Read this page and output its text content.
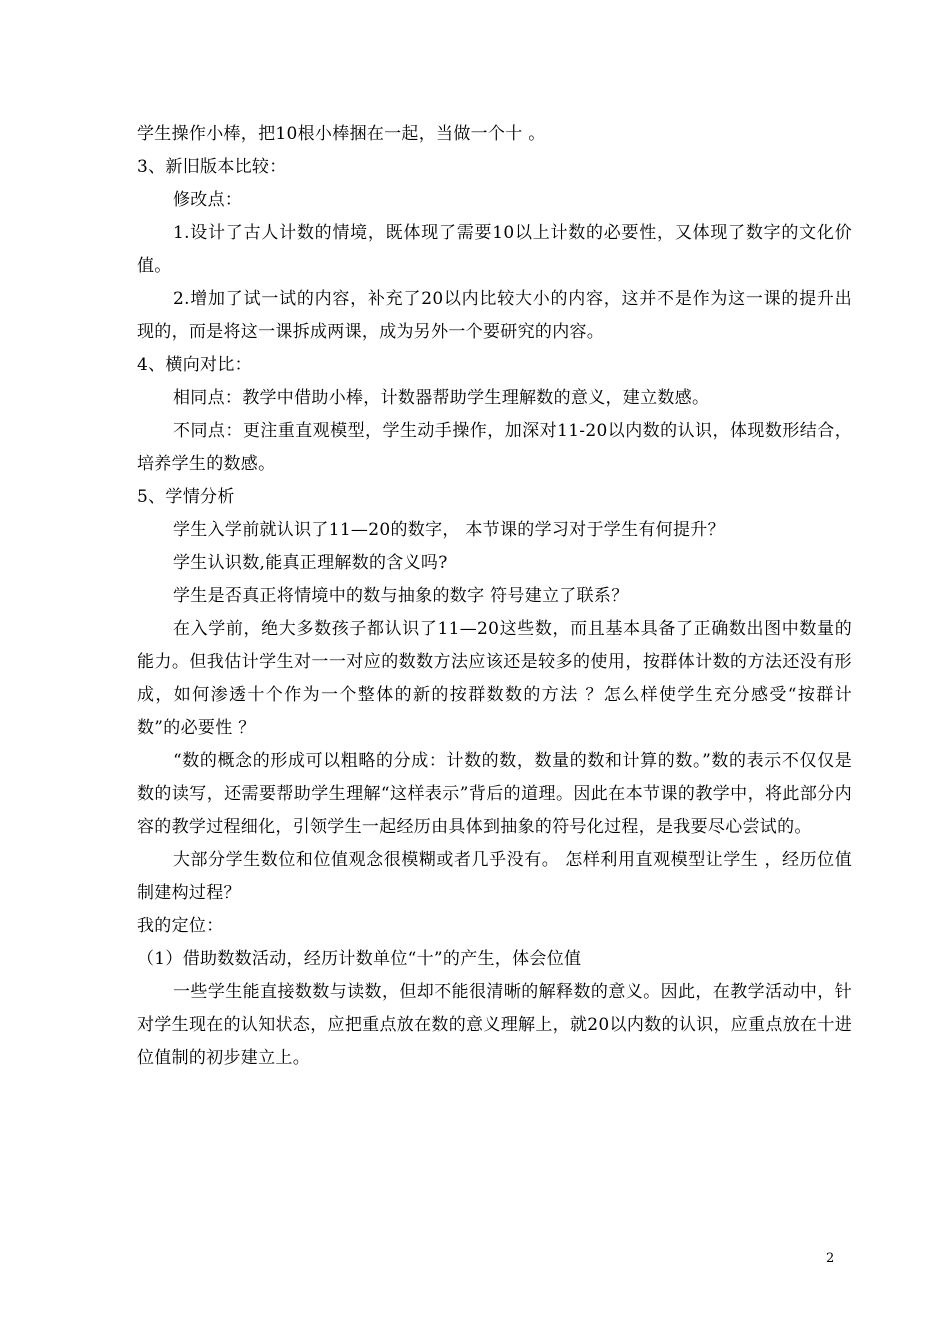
学生操作小棒，把10根小棒捆在一起，当做一个十 。
3、新旧版本比较：
修改点：

1.设计了古人计数的情境，既体现了需要10以上计数的必要性，又体现了数字的文化价值。

2.增加了试一试的内容，补充了20以内比较大小的内容，这并不是作为这一课的提升出现的，而是将这一课拆成两课，成为另外一个要研究的内容。

4、横向对比：
相同点：教学中借助小棒，计数器帮助学生理解数的意义，建立数感。

不同点：更注重直观模型，学生动手操作，加深对11-20以内数的认识，体现数形结合，培养学生的数感。

5、学情分析
学生入学前就认识了11—20的数字， 本节课的学习对于学生有何提升？
学生认识数,能真正理解数的含义吗?
学生是否真正将情境中的数与抽象的数字 符号建立了联系？

在入学前，绝大多数孩子都认识了11—20这些数，而且基本具备了正确数出图中数量的能力。但我估计学生对一一对应的数数方法应该还是较多的使用，按群体计数的方法还没有形成，如何渗透十个作为一个整体的新的按群数数的方法 ？怎么样使学生充分感受“按群计数”的必要性 ？

“数的概念的形成可以粗略的分成：计数的数，数量的数和计算的数。”数的表示不仅仅是数的读写，还需要帮助学生理解“这样表示”背后的道理。因此在本节课的教学中，将此部分内容的教学过程细化，引领学生一起经历由具体到抽象的符号化过程，是我要尽心尝试的。

大部分学生数位和位值观念很模糊或者几乎没有。 怎样利用直观模型让学生 ，经历位值制建构过程？

我的定位：
（1）借助数数活动，经历计数单位“十”的产生，体会位值

一些学生能直接数数与读数，但却不能很清晰的解释数的意义。因此，在教学活动中，针对学生现在的认知状态，应把重点放在数的意义理解上，就20以内数的认识，应重点放在十进位值制的初步建立上。

2
